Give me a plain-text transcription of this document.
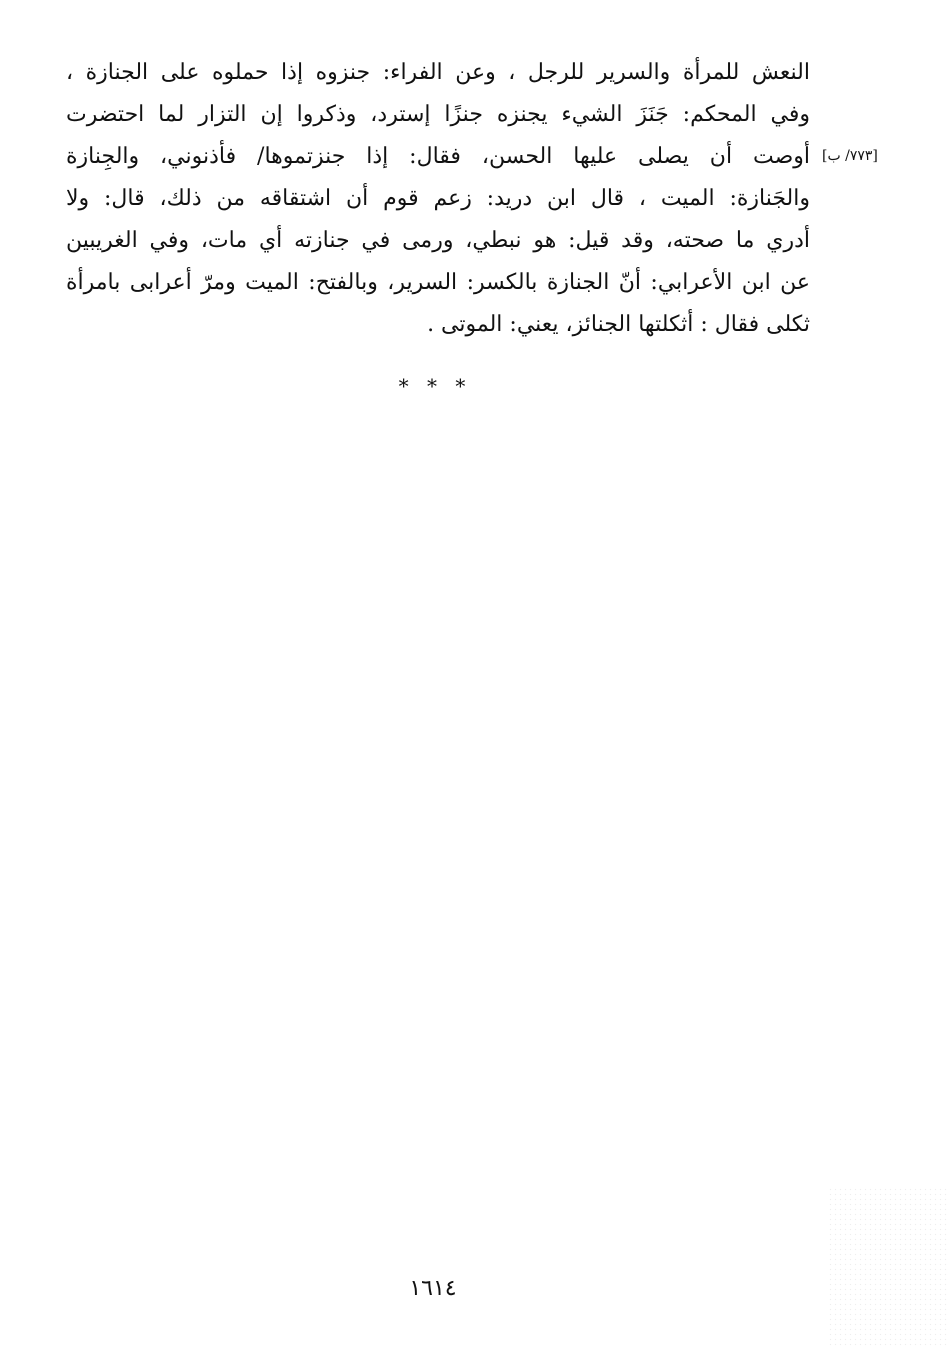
النعش للمرأة والسرير للرجل ، وعن الفراء: جنزوه إذا حملوه على الجنازة ،
وفي المحكم: جَنَزَ الشيء يجنزه جنزًا إسترد، وذكروا إن التزار لما احتضرت
أوصت أن يصلى عليها الحسن، فقال: إذا جنزتموها/ فأذنوني، والجِنازة
والجَنازة: الميت ، قال ابن دريد: زعم قوم أن اشتقاقه من ذلك، قال: ولا
أدري ما صحته، وقد قيل: هو نبطي، ورمى في جنازته أي مات، وفي الغريبين
عن ابن الأعرابي: أنّ الجنازة بالكسر: السرير، وبالفتح: الميت ومرّ أعرابى بامرأة
ثكلى فقال : أثكلتها الجنائز، يعني: الموتى .
[٧٧٣/ ب]
* * *
١٦١٤
